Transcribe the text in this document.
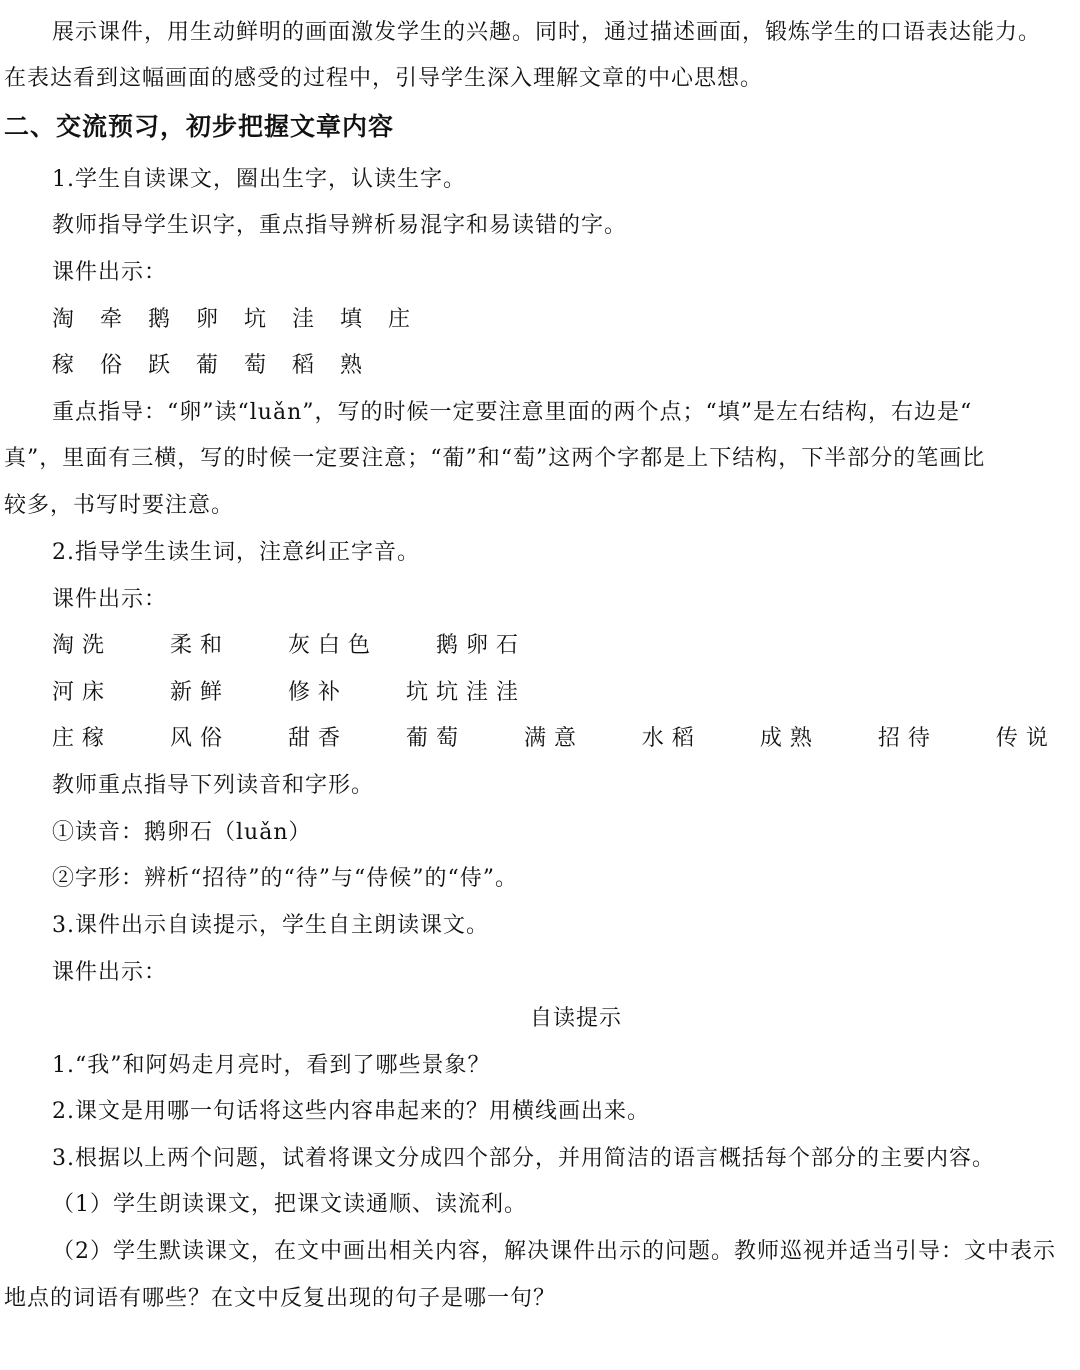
展示课件，用生动鲜明的画面激发学生的兴趣。同时，通过描述画面，锻炼学生的口语表达能力。
在表达看到这幅画面的感受的过程中，引导学生深入理解文章的中心思想。
二、交流预习，初步把握文章内容
1.学生自读课文，圈出生字，认读生字。
教师指导学生识字，重点指导辨析易混字和易读错的字。
课件出示：
淘 牵 鹅 卵 坑 洼 填 庄
稼 俗 跃 葡 萄 稻 熟
重点指导：“卵”读“luǎn”，写的时候一定要注意里面的两个点；“填”是左右结构，右边是“
真”，里面有三横，写的时候一定要注意；“葡”和“萄”这两个字都是上下结构，下半部分的笔画比
较多，书写时要注意。
2.指导学生读生词，注意纠正字音。
课件出示：
淘洗  柔和  灰白色  鹅卵石
河床  新鲜  修补  坑坑洼洼
庄稼  风俗  甜香  葡萄  满意  水稻  成熟  招待  传说
教师重点指导下列读音和字形。
①读音：鹅卵石（luǎn）
②字形：辨析“招待”的“待”与“侍候”的“侍”。
3.课件出示自读提示，学生自主朗读课文。
课件出示：
自读提示
1.“我”和阿妈走月亮时，看到了哪些景象？
2.课文是用哪一句话将这些内容串起来的？用横线画出来。
3.根据以上两个问题，试着将课文分成四个部分，并用简洁的语言概括每个部分的主要内容。
（1）学生朗读课文，把课文读通顺、读流利。
（2）学生默读课文，在文中画出相关内容，解决课件出示的问题。教师巡视并适当引导：文中表示
地点的词语有哪些？在文中反复出现的句子是哪一句？
